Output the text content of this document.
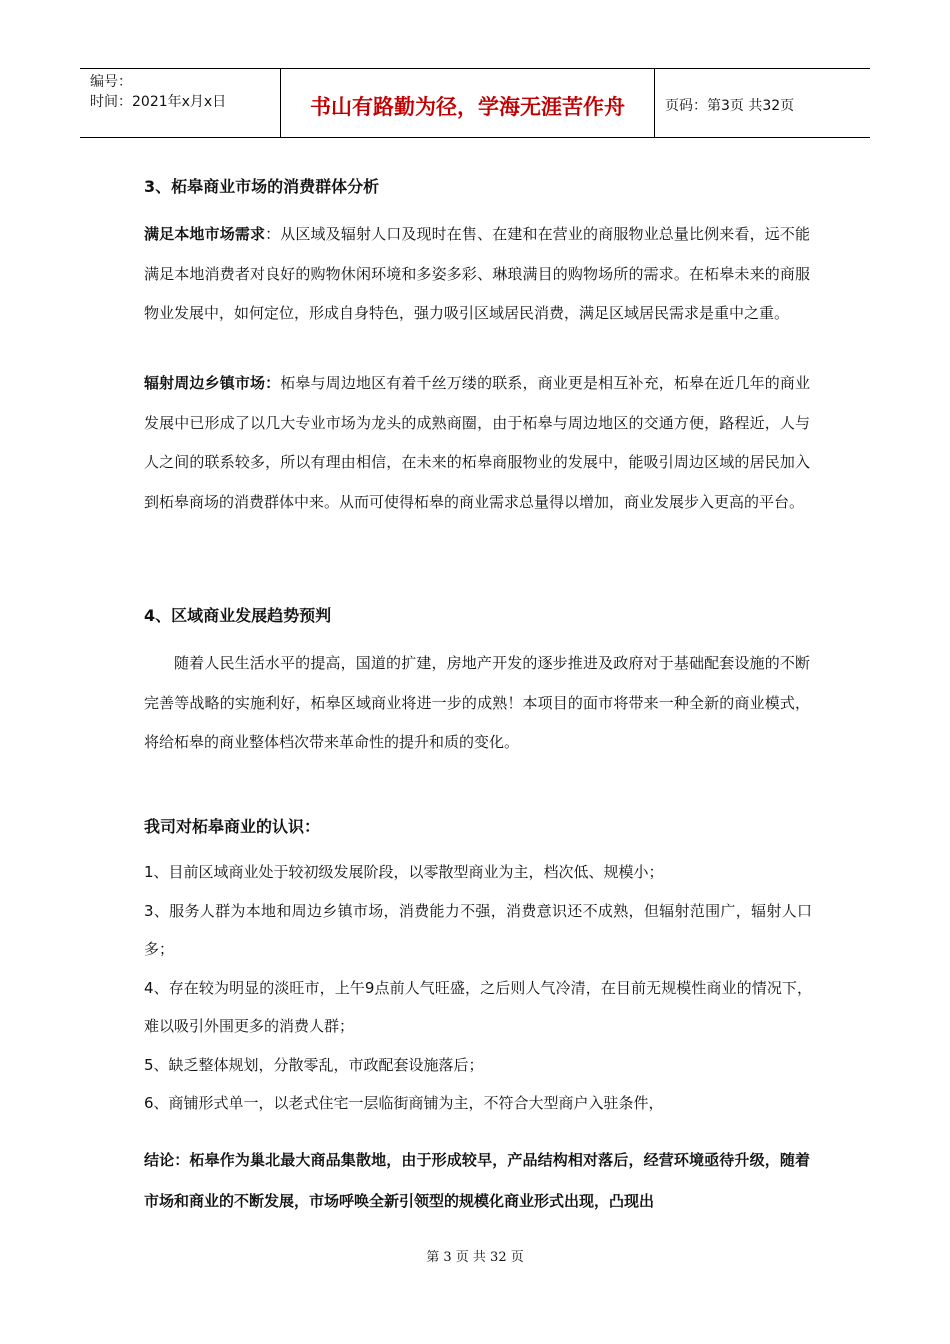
编号：
时间：2021年x月x日	书山有路勤为径，学海无涯苦作舟	页码：第3页 共32页
3、柘皋商业市场的消费群体分析
满足本地市场需求：从区域及辐射人口及现时在售、在建和在营业的商服物业总量比例来看，远不能满足本地消费者对良好的购物休闲环境和多姿多彩、琳琅满目的购物场所的需求。在柘皋未来的商服物业发展中，如何定位，形成自身特色，强力吸引区域居民消费，满足区域居民需求是重中之重。
辐射周边乡镇市场：柘皋与周边地区有着千丝万缕的联系，商业更是相互补充，柘皋在近几年的商业发展中已形成了以几大专业市场为龙头的成熟商圈，由于柘皋与周边地区的交通方便，路程近，人与人之间的联系较多，所以有理由相信，在未来的柘皋商服物业的发展中，能吸引周边区域的居民加入到柘皋商场的消费群体中来。从而可使得柘皋的商业需求总量得以增加，商业发展步入更高的平台。
4、区域商业发展趋势预判
随着人民生活水平的提高，国道的扩建，房地产开发的逐步推进及政府对于基础配套设施的不断完善等战略的实施利好，柘皋区域商业将进一步的成熟！本项目的面市将带来一种全新的商业模式，将给柘皋的商业整体档次带来革命性的提升和质的变化。
我司对柘皋商业的认识：
1、目前区域商业处于较初级发展阶段，以零散型商业为主，档次低、规模小；
3、服务人群为本地和周边乡镇市场，消费能力不强，消费意识还不成熟，但辐射范围广，辐射人口多；
4、存在较为明显的淡旺市，上午9点前人气旺盛，之后则人气冷清，在目前无规模性商业的情况下，难以吸引外围更多的消费人群；
5、缺乏整体规划，分散零乱，市政配套设施落后；
6、商铺形式单一，以老式住宅一层临街商铺为主，不符合大型商户入驻条件，
结论：柘皋作为巢北最大商品集散地，由于形成较早，产品结构相对落后，经营环境亟待升级，随着市场和商业的不断发展，市场呼唤全新引领型的规模化商业形式出现，凸现出
第 3 页 共 32 页
